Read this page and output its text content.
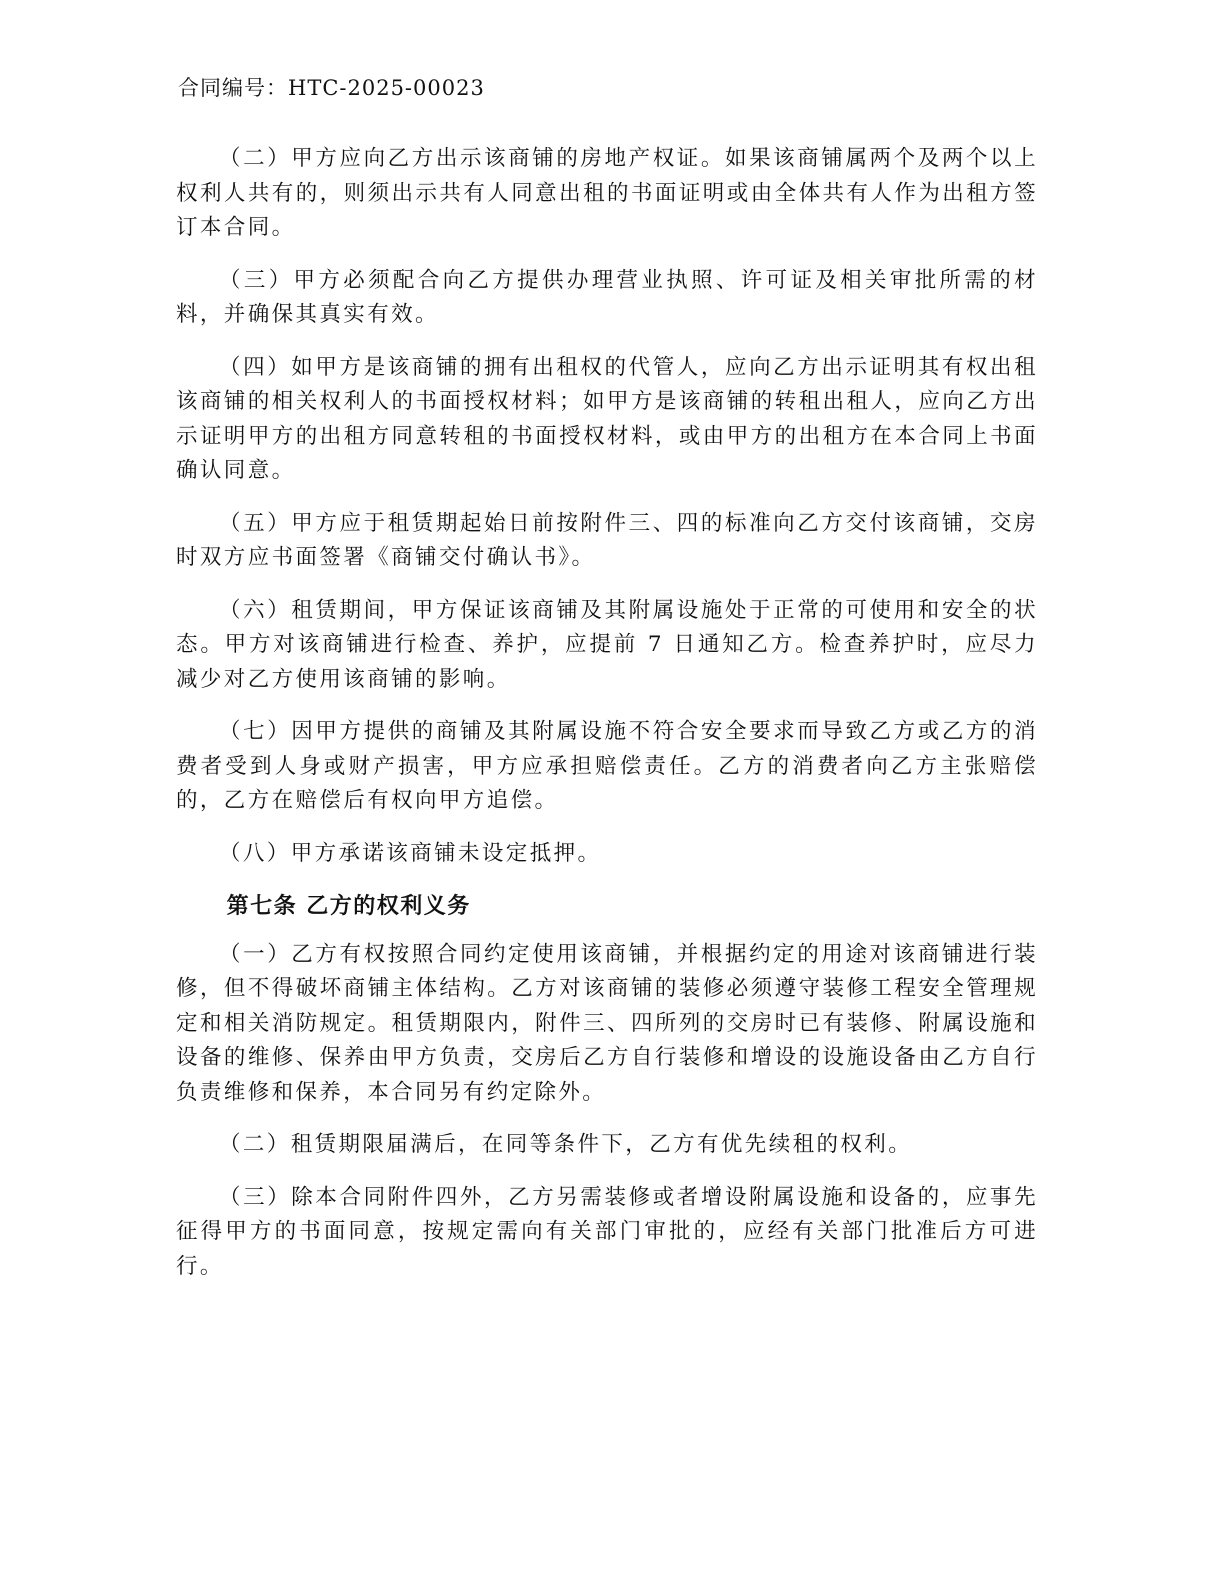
合同编号：HTC-2025-00023

（二）甲方应向乙方出示该商铺的房地产权证。如果该商铺属两个及两个以上权利人共有的，则须出示共有人同意出租的书面证明或由全体共有人作为出租方签订本合同。

（三）甲方必须配合向乙方提供办理营业执照、许可证及相关审批所需的材料，并确保其真实有效。

（四）如甲方是该商铺的拥有出租权的代管人，应向乙方出示证明其有权出租该商铺的相关权利人的书面授权材料；如甲方是该商铺的转租出租人，应向乙方出示证明甲方的出租方同意转租的书面授权材料，或由甲方的出租方在本合同上书面确认同意。

（五）甲方应于租赁期起始日前按附件三、四的标准向乙方交付该商铺，交房时双方应书面签署《商铺交付确认书》。

（六）租赁期间，甲方保证该商铺及其附属设施处于正常的可使用和安全的状态。甲方对该商铺进行检查、养护，应提前 7 日通知乙方。检查养护时，应尽力减少对乙方使用该商铺的影响。

（七）因甲方提供的商铺及其附属设施不符合安全要求而导致乙方或乙方的消费者受到人身或财产损害，甲方应承担赔偿责任。乙方的消费者向乙方主张赔偿的，乙方在赔偿后有权向甲方追偿。

（八）甲方承诺该商铺未设定抵押。

第七条 乙方的权利义务

（一）乙方有权按照合同约定使用该商铺，并根据约定的用途对该商铺进行装修，但不得破坏商铺主体结构。乙方对该商铺的装修必须遵守装修工程安全管理规定和相关消防规定。租赁期限内，附件三、四所列的交房时已有装修、附属设施和设备的维修、保养由甲方负责，交房后乙方自行装修和增设的设施设备由乙方自行负责维修和保养，本合同另有约定除外。

（二）租赁期限届满后，在同等条件下，乙方有优先续租的权利。

（三）除本合同附件四外，乙方另需装修或者增设附属设施和设备的，应事先征得甲方的书面同意，按规定需向有关部门审批的，应经有关部门批准后方可进行。
